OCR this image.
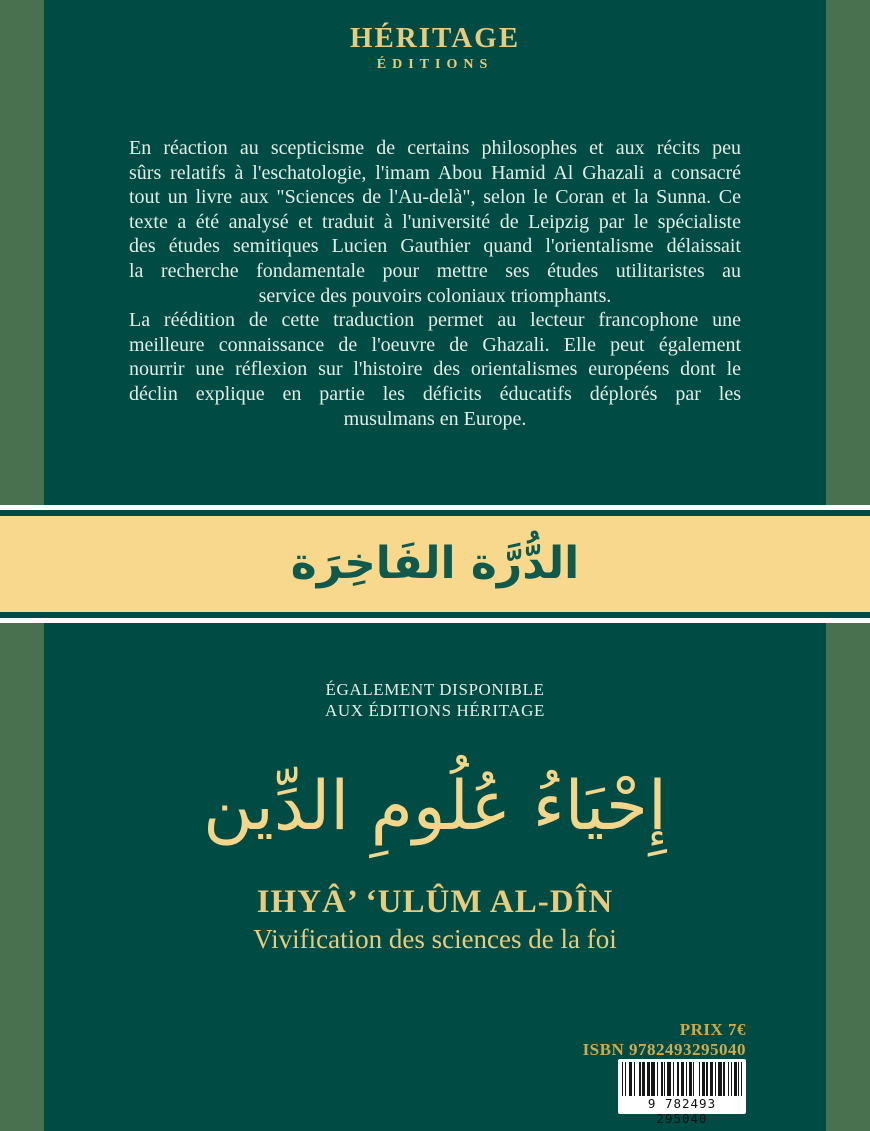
HÉRITAGE
ÉDITIONS

En réaction au scepticisme de certains philosophes et aux récits peu
sûrs relatifs à l'eschatologie, l'imam Abou Hamid Al Ghazali a consacré
tout un livre aux "Sciences de l'Au-delà", selon le Coran et la Sunna. Ce
texte a été analysé et traduit à l'université de Leipzig par le spécialiste
des études semitiques Lucien Gauthier quand l'orientalisme délaissait
la recherche fondamentale pour mettre ses études utilitaristes au
service des pouvoirs coloniaux triomphants.

La réédition de cette traduction permet au lecteur francophone une
meilleure connaissance de l'oeuvre de Ghazali. Elle peut également
nourrir une réflexion sur l'histoire des orientalismes européens dont le
déclin explique en partie les déficits éducatifs déplorés par les
musulmans en Europe.

الدُّرَّة الفَاخِرَة
ÉGALEMENT DISPONIBLE
AUX ÉDITIONS HÉRITAGE
إِحْيَاءُ عُلُومِ الدِّين
IHYÂ’ ‘ULÛM AL-DÎN
Vivification des sciences de la foi
PRIX 7€
ISBN 9782493295040
9 782493 295040
